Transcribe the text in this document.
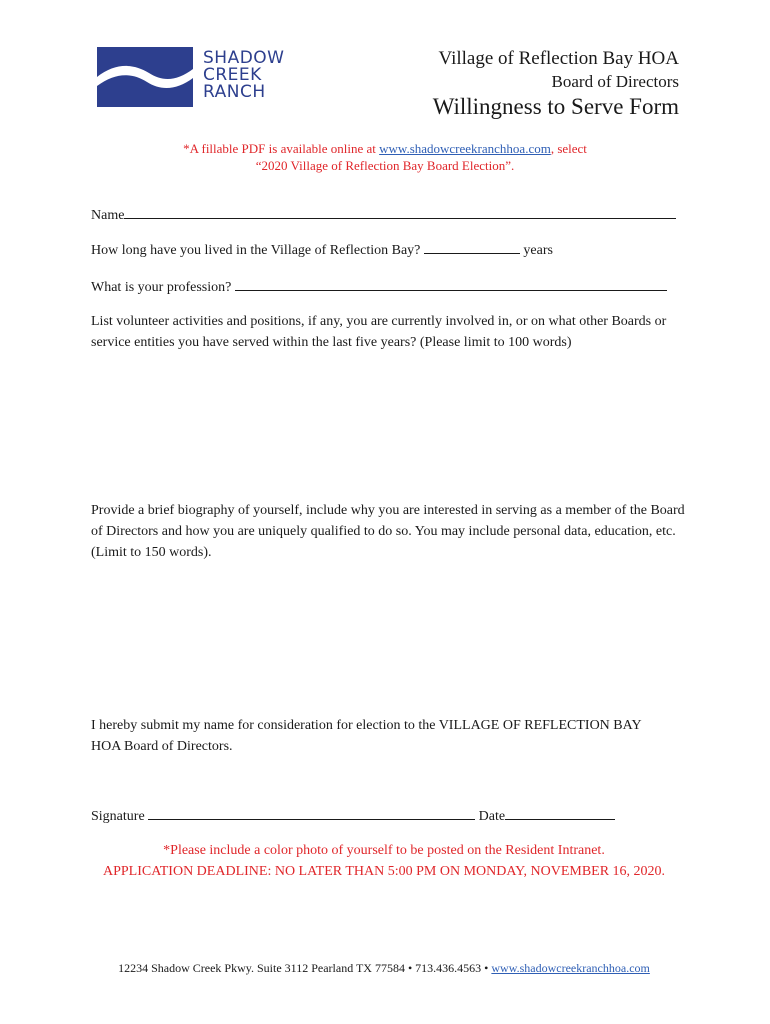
SHADOW
CREEK
RANCH
Village of Reflection Bay HOA
Board of Directors
Willingness to Serve Form
*A fillable PDF is available online at www.shadowcreekranchhoa.com, select
“2020 Village of Reflection Bay Board Election”.
Name
How long have you lived in the Village of Reflection Bay?	years
What is your profession?
List volunteer activities and positions, if any, you are currently involved in, or on what other Boards or service entities you have served within the last five years? (Please limit to 100 words)
Provide a brief biography of yourself, include why you are interested in serving as a member of the Board of Directors and how you are uniquely qualified to do so. You may include personal data, education, etc. (Limit to 150 words).
I hereby submit my name for consideration for election to the VILLAGE OF REFLECTION BAY HOA Board of Directors.
Signature	Date
*Please include a color photo of yourself to be posted on the Resident Intranet.
APPLICATION DEADLINE: NO LATER THAN 5:00 PM ON MONDAY, NOVEMBER 16, 2020.
12234 Shadow Creek Pkwy. Suite 3112 Pearland TX 77584 • 713.436.4563 • www.shadowcreekranchhoa.com
